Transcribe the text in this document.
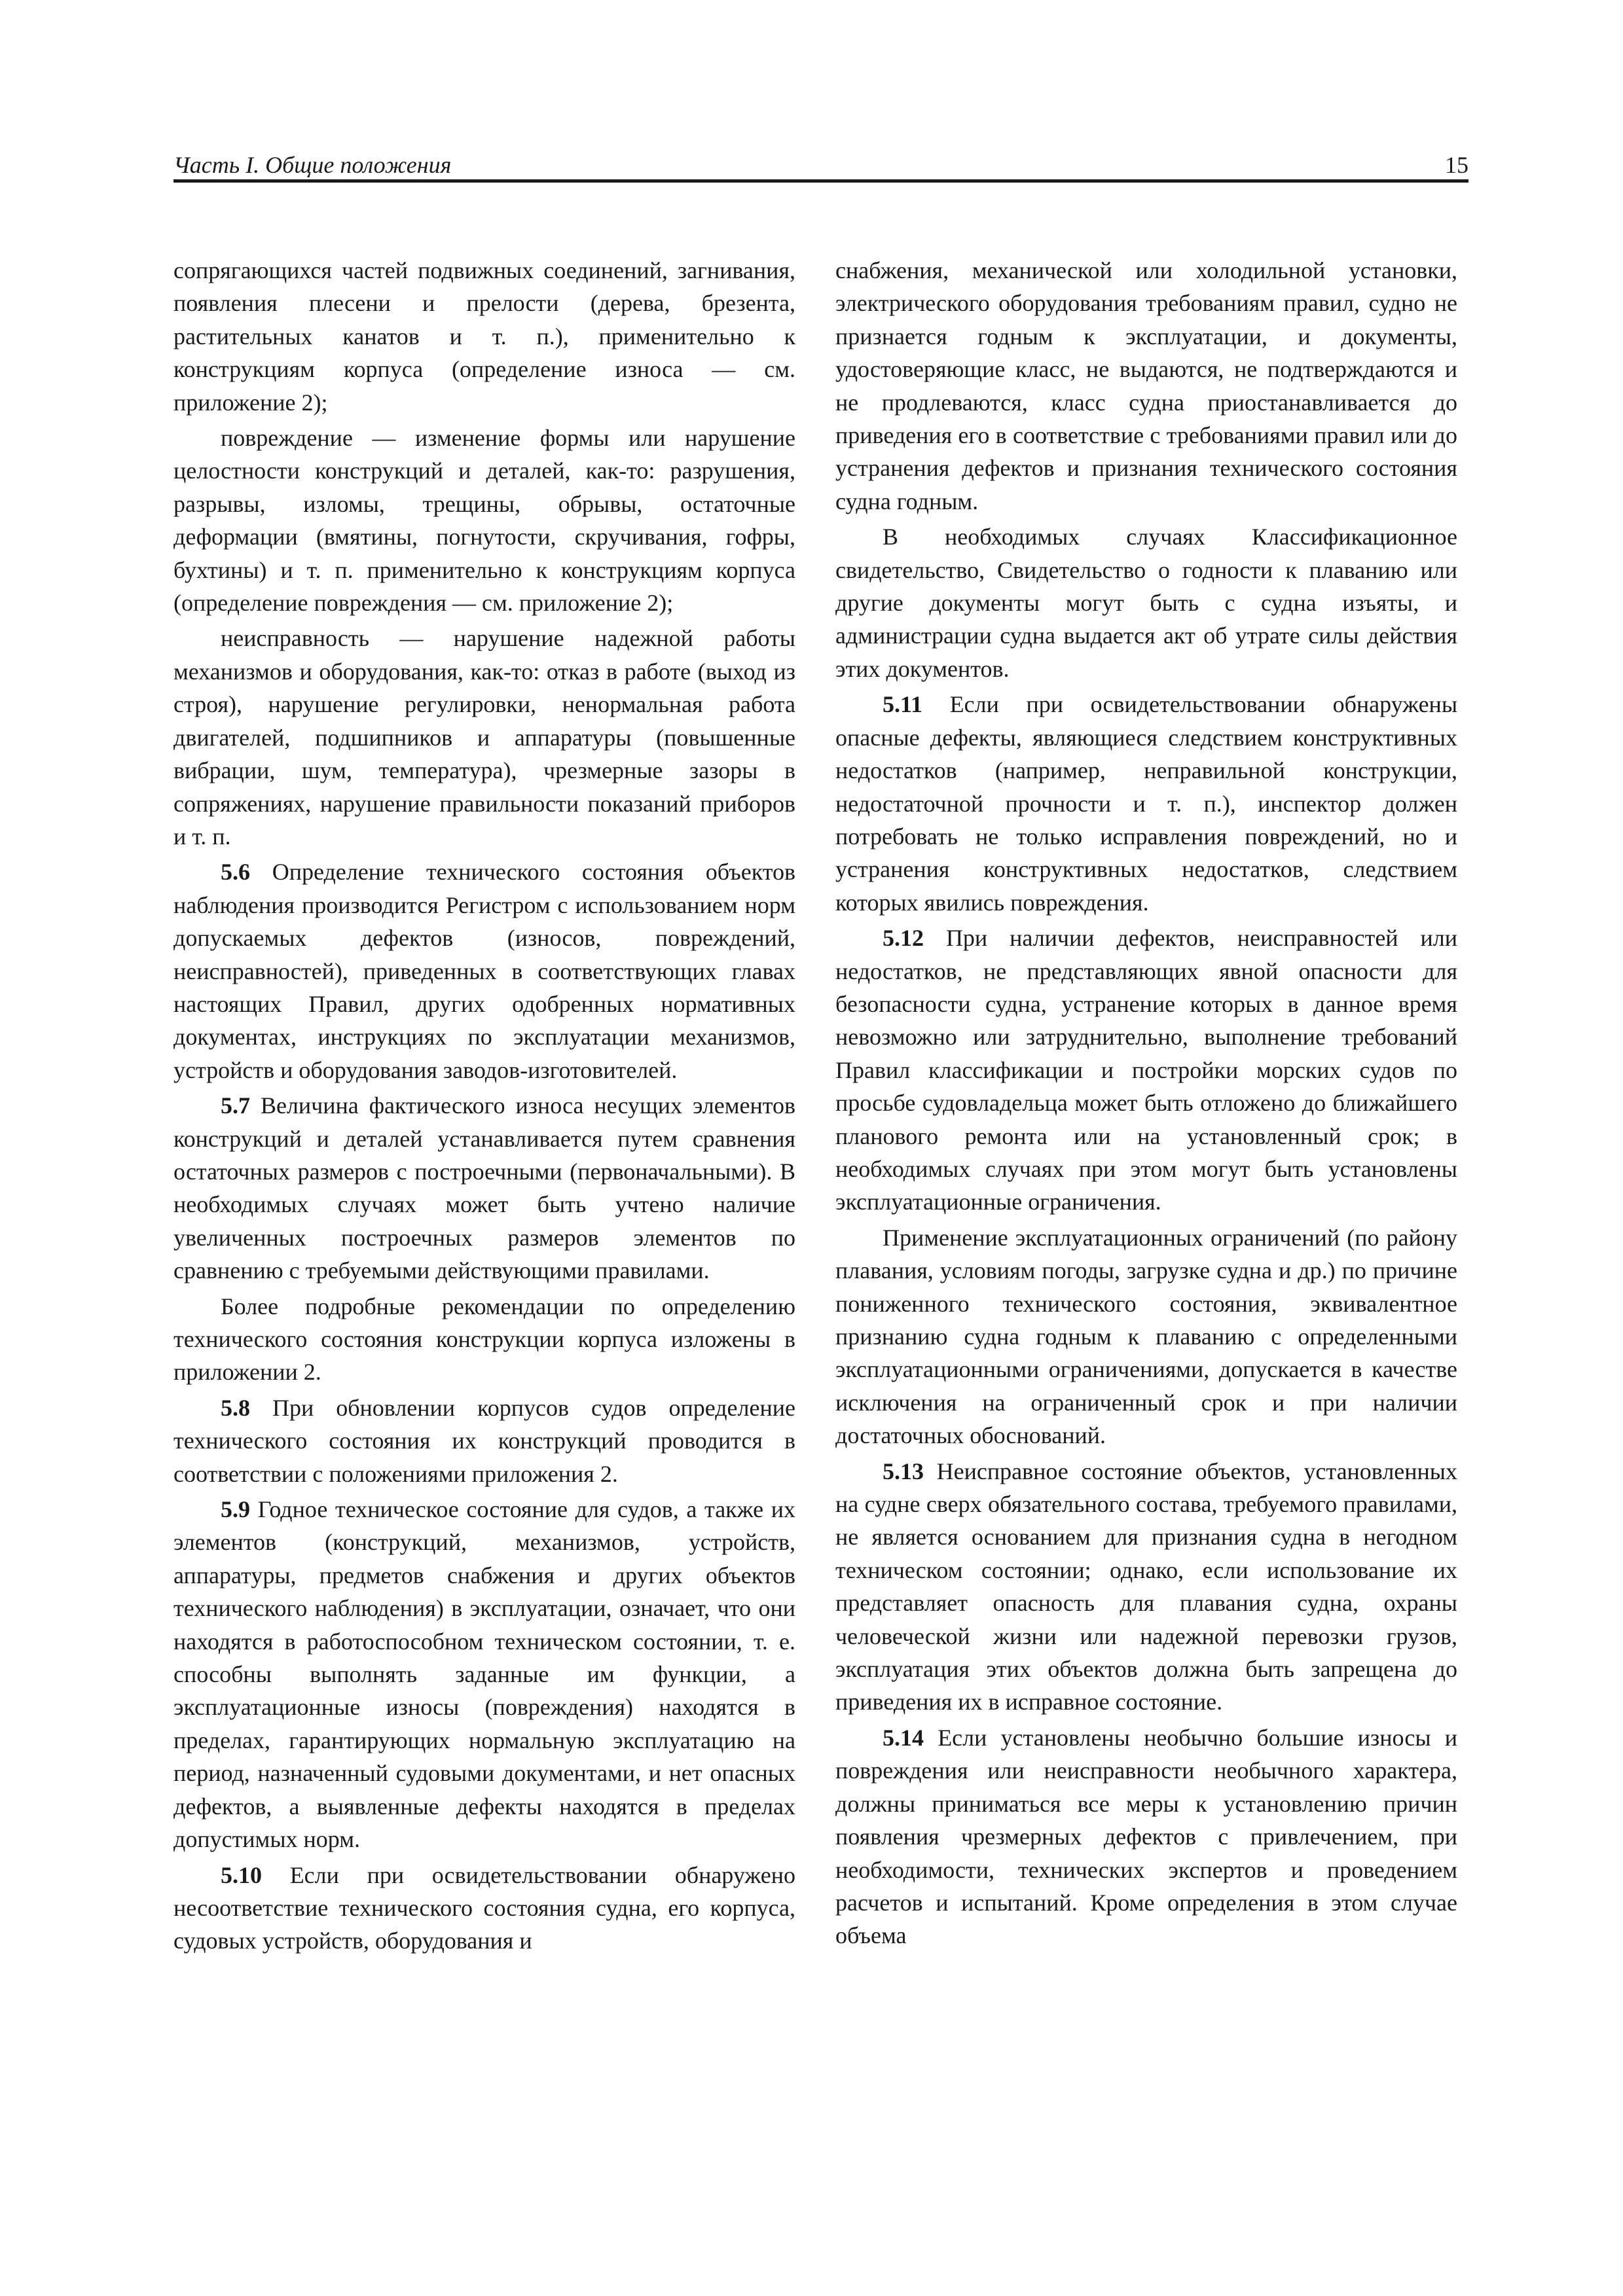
Часть I. Общие положения	15

сопрягающихся частей подвижных соединений, загнивания, появления плесени и прелости (дерева, брезента, растительных канатов и т. п.), применительно к конструкциям корпуса (определение износа — см. приложение 2);

повреждение — изменение формы или нарушение целостности конструкций и деталей, как-то: разрушения, разрывы, изломы, трещины, обрывы, остаточные деформации (вмятины, погнутости, скручивания, гофры, бухтины) и т. п. применительно к конструкциям корпуса (определение повреждения — см. приложение 2);

неисправность — нарушение надежной работы механизмов и оборудования, как-то: отказ в работе (выход из строя), нарушение регулировки, ненормальная работа двигателей, подшипников и аппаратуры (повышенные вибрации, шум, температура), чрезмерные зазоры в сопряжениях, нарушение правильности показаний приборов и т. п.

5.6 Определение технического состояния объектов наблюдения производится Регистром с использованием норм допускаемых дефектов (износов, повреждений, неисправностей), приведенных в соответствующих главах настоящих Правил, других одобренных нормативных документах, инструкциях по эксплуатации механизмов, устройств и оборудования заводов-изготовителей.

5.7 Величина фактического износа несущих элементов конструкций и деталей устанавливается путем сравнения остаточных размеров с построечными (первоначальными). В необходимых случаях может быть учтено наличие увеличенных построечных размеров элементов по сравнению с требуемыми действующими правилами.

Более подробные рекомендации по определению технического состояния конструкции корпуса изложены в приложении 2.

5.8 При обновлении корпусов судов определение технического состояния их конструкций проводится в соответствии с положениями приложения 2.

5.9 Годное техническое состояние для судов, а также их элементов (конструкций, механизмов, устройств, аппаратуры, предметов снабжения и других объектов технического наблюдения) в эксплуатации, означает, что они находятся в работоспособном техническом состоянии, т. е. способны выполнять заданные им функции, а эксплуатационные износы (повреждения) находятся в пределах, гарантирующих нормальную эксплуатацию на период, назначенный судовыми документами, и нет опасных дефектов, а выявленные дефекты находятся в пределах допустимых норм.

5.10 Если при освидетельствовании обнаружено несоответствие технического состояния судна, его корпуса, судовых устройств, оборудования и

снабжения, механической или холодильной установки, электрического оборудования требованиям правил, судно не признается годным к эксплуатации, и документы, удостоверяющие класс, не выдаются, не подтверждаются и не продлеваются, класс судна приостанавливается до приведения его в соответствие с требованиями правил или до устранения дефектов и признания технического состояния судна годным.

В необходимых случаях Классификационное свидетельство, Свидетельство о годности к плаванию или другие документы могут быть с судна изъяты, и администрации судна выдается акт об утрате силы действия этих документов.

5.11 Если при освидетельствовании обнаружены опасные дефекты, являющиеся следствием конструктивных недостатков (например, неправильной конструкции, недостаточной прочности и т. п.), инспектор должен потребовать не только исправления повреждений, но и устранения конструктивных недостатков, следствием которых явились повреждения.

5.12 При наличии дефектов, неисправностей или недостатков, не представляющих явной опасности для безопасности судна, устранение которых в данное время невозможно или затруднительно, выполнение требований Правил классификации и постройки морских судов по просьбе судовладельца может быть отложено до ближайшего планового ремонта или на установленный срок; в необходимых случаях при этом могут быть установлены эксплуатационные ограничения.

Применение эксплуатационных ограничений (по району плавания, условиям погоды, загрузке судна и др.) по причине пониженного технического состояния, эквивалентное признанию судна годным к плаванию с определенными эксплуатационными ограничениями, допускается в качестве исключения на ограниченный срок и при наличии достаточных обоснований.

5.13 Неисправное состояние объектов, установленных на судне сверх обязательного состава, требуемого правилами, не является основанием для признания судна в негодном техническом состоянии; однако, если использование их представляет опасность для плавания судна, охраны человеческой жизни или надежной перевозки грузов, эксплуатация этих объектов должна быть запрещена до приведения их в исправное состояние.

5.14 Если установлены необычно большие износы и повреждения или неисправности необычного характера, должны приниматься все меры к установлению причин появления чрезмерных дефектов с привлечением, при необходимости, технических экспертов и проведением расчетов и испытаний. Кроме определения в этом случае объема
